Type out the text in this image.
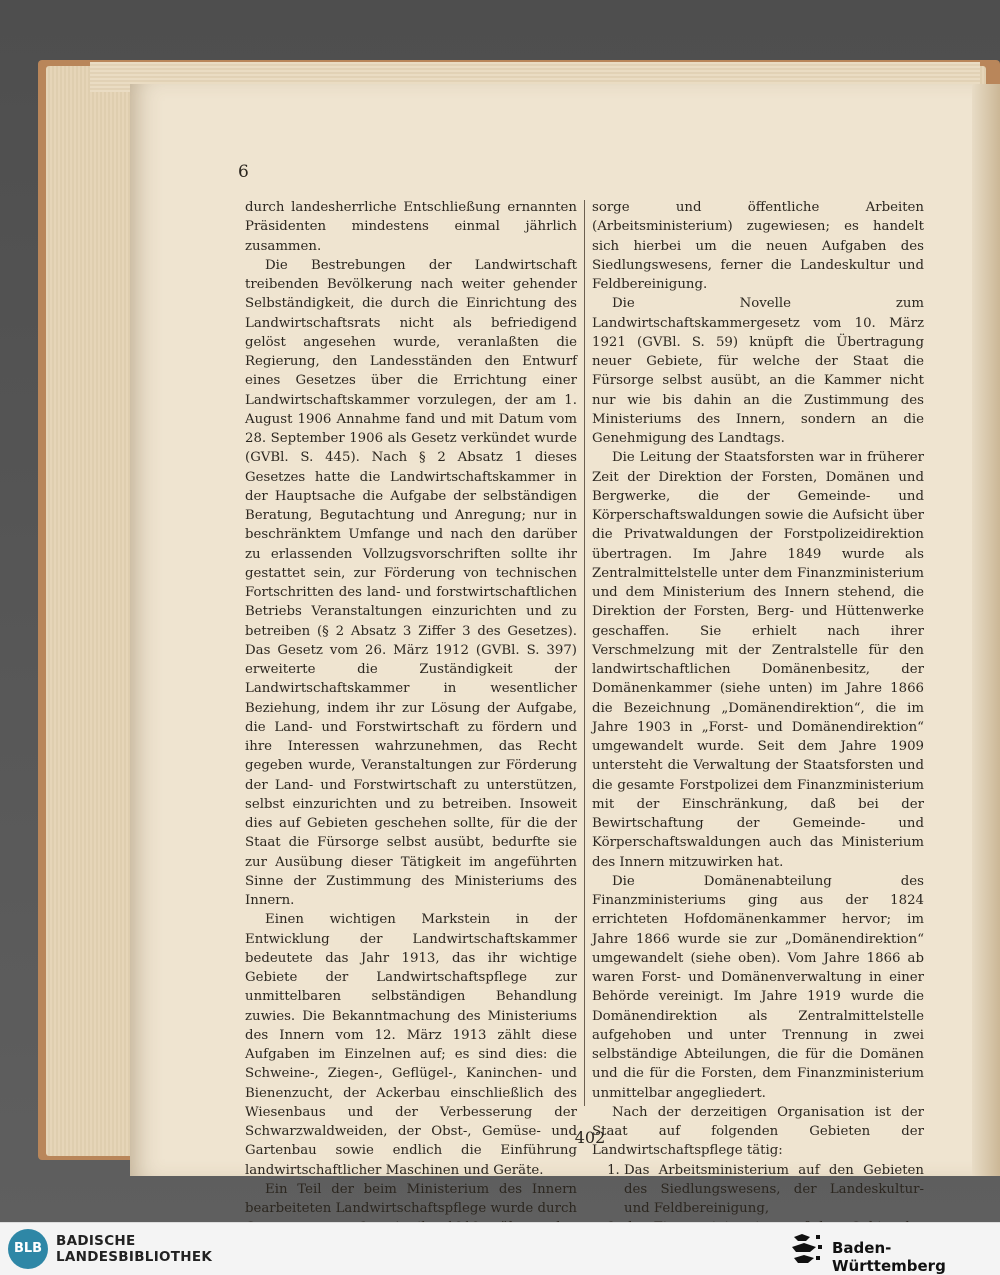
6

durch landesherrliche Entschließung ernannten Präsidenten mindestens einmal jährlich zusammen.

Die Bestrebungen der Landwirtschaft treibenden Bevölkerung nach weiter gehender Selbständigkeit, die durch die Einrichtung des Landwirtschaftsrats nicht als befriedigend gelöst angesehen wurde, veranlaßten die Regierung, den Landesständen den Entwurf eines Gesetzes über die Errichtung einer Landwirtschaftskammer vorzulegen, der am 1. August 1906 Annahme fand und mit Datum vom 28. September 1906 als Gesetz verkündet wurde (GVBl. S. 445). Nach § 2 Absatz 1 dieses Gesetzes hatte die Landwirtschaftskammer in der Hauptsache die Aufgabe der selbständigen Beratung, Begutachtung und Anregung; nur in beschränktem Umfange und nach den darüber zu erlassenden Vollzugsvorschriften sollte ihr gestattet sein, zur Förderung von technischen Fortschritten des land- und forstwirtschaftlichen Betriebs Veranstaltungen einzurichten und zu betreiben (§ 2 Absatz 3 Ziffer 3 des Gesetzes). Das Gesetz vom 26. März 1912 (GVBl. S. 397) erweiterte die Zuständigkeit der Landwirtschaftskammer in wesentlicher Beziehung, indem ihr zur Lösung der Aufgabe, die Land- und Forstwirtschaft zu fördern und ihre Interessen wahrzunehmen, das Recht gegeben wurde, Veranstaltungen zur Förderung der Land- und Forstwirtschaft zu unterstützen, selbst einzurichten und zu betreiben. Insoweit dies auf Gebieten geschehen sollte, für die der Staat die Fürsorge selbst ausübt, bedurfte sie zur Ausübung dieser Tätigkeit im angeführten Sinne der Zustimmung des Ministeriums des Innern.

Einen wichtigen Markstein in der Entwicklung der Landwirtschaftskammer bedeutete das Jahr 1913, das ihr wichtige Gebiete der Landwirtschaftspflege zur unmittelbaren selbständigen Behandlung zuwies. Die Bekanntmachung des Ministeriums des Innern vom 12. März 1913 zählt diese Aufgaben im Einzelnen auf; es sind dies: die Schweine-, Ziegen-, Geflügel-, Kaninchen- und Bienenzucht, der Ackerbau einschließlich des Wiesenbaus und der Verbesserung der Schwarzwaldweiden, der Obst-, Gemüse- und Gartenbau sowie endlich die Einführung landwirtschaftlicher Maschinen und Geräte.

Ein Teil der beim Ministerium des Innern bearbeiteten Landwirtschaftspflege wurde durch

sorge und öffentliche Arbeiten (Arbeitsministerium) zugewiesen; es handelt sich hierbei um die neuen Aufgaben des Siedlungswesens, ferner die Landeskultur und Feldbereinigung.

Die Novelle zum Landwirtschaftskammergesetz vom 10. März 1921 (GVBl. S. 59) knüpft die Übertragung neuer Gebiete, für welche der Staat die Fürsorge selbst ausübt, an die Kammer nicht nur wie bis dahin an die Zustimmung des Ministeriums des Innern, sondern an die Genehmigung des Landtags.

Die Leitung der Staatsforsten war in früherer Zeit der Direktion der Forsten, Domänen und Bergwerke, die der Gemeinde- und Körperschaftswaldungen sowie die Aufsicht über die Privatwaldungen der Forstpolizeidirektion übertragen. Im Jahre 1849 wurde als Zentralmittelstelle unter dem Finanzministerium und dem Ministerium des Innern stehend, die Direktion der Forsten, Berg- und Hüttenwerke geschaffen. Sie erhielt nach ihrer Verschmelzung mit der Zentralstelle für den landwirtschaftlichen Domänenbesitz, der Domänenkammer (siehe unten) im Jahre 1866 die Bezeichnung „Domänendirektion“, die im Jahre 1903 in „Forst- und Domänendirektion“ umgewandelt wurde. Seit dem Jahre 1909 untersteht die Verwaltung der Staatsforsten und die gesamte Forstpolizei dem Finanzministerium mit der Einschränkung, daß bei der Bewirtschaftung der Gemeinde- und Körperschaftswaldungen auch das Ministerium des Innern mitzuwirken hat.

Die Domänenabteilung des Finanzministeriums ging aus der 1824 errichteten Hofdomänenkammer hervor; im Jahre 1866 wurde sie zur „Domänendirektion“ umgewandelt (siehe oben). Vom Jahre 1866 ab waren Forst- und Domänenverwaltung in einer Behörde vereinigt. Im Jahre 1919 wurde die Domänendirektion als Zentralmittelstelle aufgehoben und unter Trennung in zwei selbständige Abteilungen, die für die Domänen und die für die Forsten, dem Finanzministerium unmittelbar angegliedert.

Nach der derzeitigen Organisation ist der Staat auf folgenden Gebieten der Landwirtschaftspflege tätig:

1. Das Arbeitsministerium auf den Gebieten des Siedlungswesens, der Landeskultur- und Feldbereinigung,
2.
402
BLB	BADISCHE
LANDESBIBLIOTHEK	Baden-Württemberg
